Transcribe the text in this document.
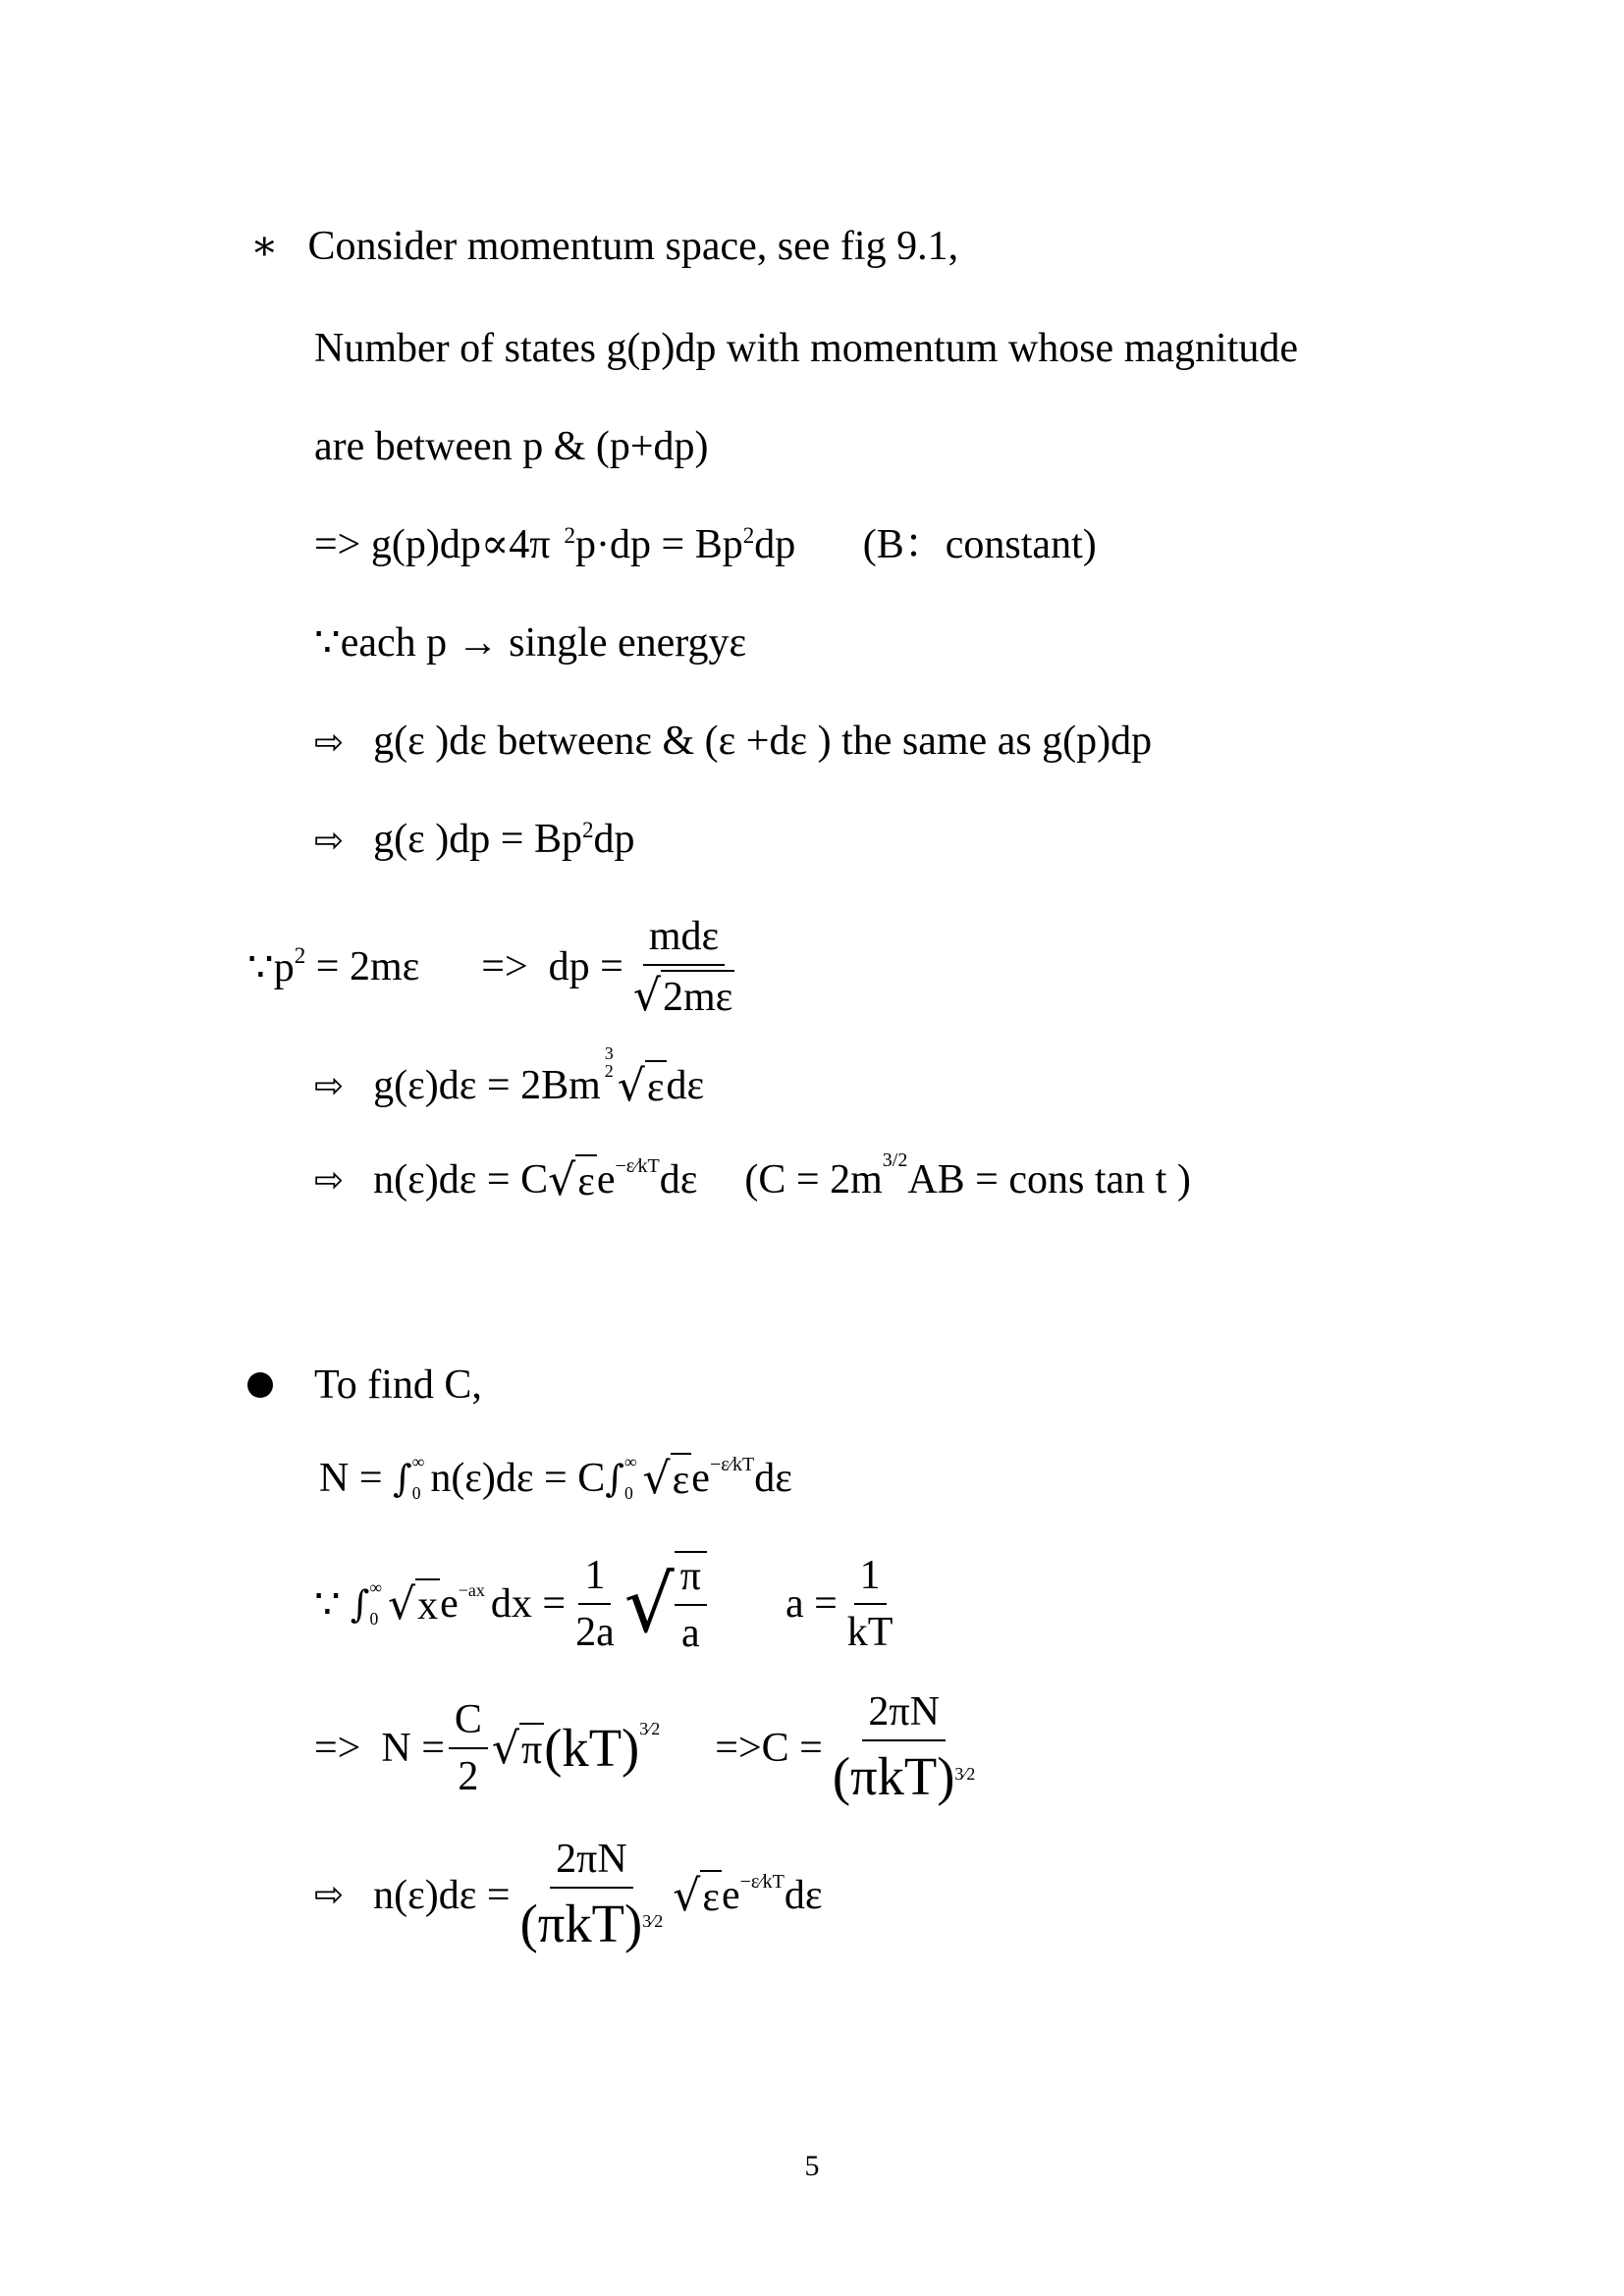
∗ Consider momentum space, see fig 9.1,
Number of states g(p)dp with momentum whose magnitude
are between p & (p+dp)
=> g(p)dp∝4π $^2p\cdot dp = Bp^2dp$ (B：constant)
∵each p → single energyε
⇨ g(ε )dε betweenε & (ε +dε ) the same as g(p)dp
⇨ g(ε )$dp = Bp^2dp$
$\because p^2 = 2m\varepsilon$      =>  dp = $\frac{\text{mdε}}{√ 2m\varepsilon}$
⇨ g(ε)dε = 2Bm
3
2 √ ε dε
⇨ n(ε)dε = C √ ε $e^{-\varepsilon⁄kT}$ dε ($C = 2m^{3/2}AB$ = cons tan t )
To find C,
N = ∫ ∞
0 n(ε)dε = C ∫ ∞
0 √ ε $e^{-\varepsilon⁄kT}$ dε
∵ ∫ ∞
0 √ x $e^{-ax}$ dx = $\frac{1}{2a}$ √ $\frac{\pi}{a}$ $a = \frac{1}{kT}$
=>  $N = \frac{C}{2}$ √ π $(kT)^{3⁄2} =>C = \frac{2\pi N}{(\pi kT)^{3⁄2}}$
⇨ $n(\varepsilon)d\varepsilon = \frac{2\pi N}{(\pi kT)^{3⁄2}}$ √ ε $e^{-\varepsilon⁄kT}$ dε
5
